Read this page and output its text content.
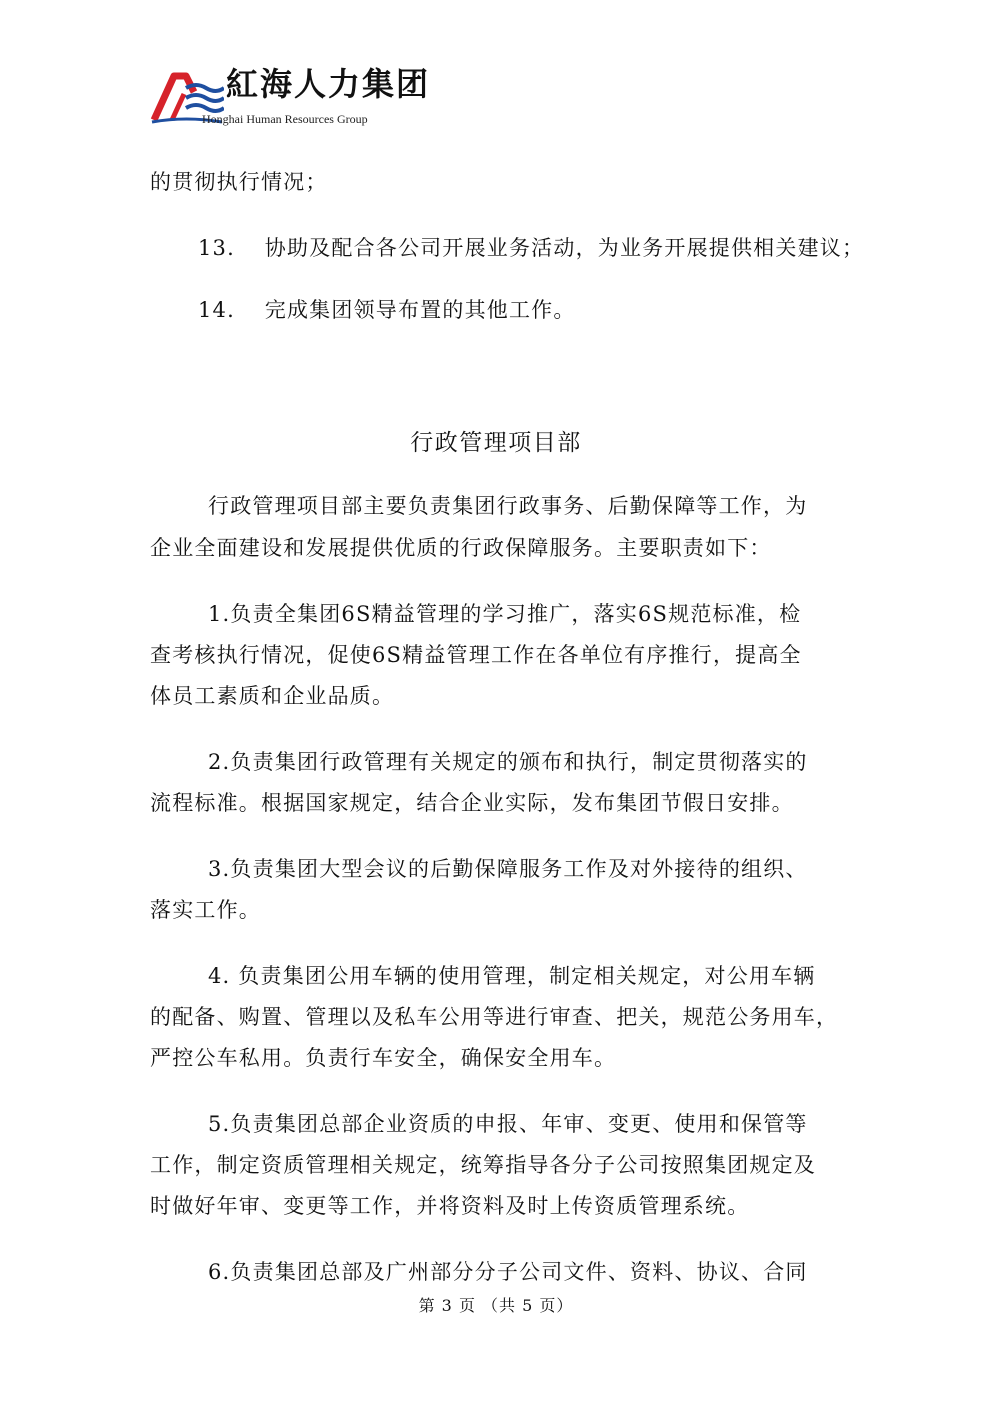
紅海人力集团
Honghai Human Resources Group
的贯彻执行情况；
13. 协助及配合各公司开展业务活动，为业务开展提供相关建议；
14. 完成集团领导布置的其他工作。
行政管理项目部
行政管理项目部主要负责集团行政事务、后勤保障等工作，为
企业全面建设和发展提供优质的行政保障服务。主要职责如下：
1.负责全集团6S精益管理的学习推广，落实6S规范标准，检
查考核执行情况，促使6S精益管理工作在各单位有序推行，提高全
体员工素质和企业品质。
2.负责集团行政管理有关规定的颁布和执行，制定贯彻落实的
流程标准。根据国家规定，结合企业实际，发布集团节假日安排。
3.负责集团大型会议的后勤保障服务工作及对外接待的组织、
落实工作。
4. 负责集团公用车辆的使用管理，制定相关规定，对公用车辆
的配备、购置、管理以及私车公用等进行审查、把关，规范公务用车，
严控公车私用。负责行车安全，确保安全用车。
5.负责集团总部企业资质的申报、年审、变更、使用和保管等
工作，制定资质管理相关规定，统筹指导各分子公司按照集团规定及
时做好年审、变更等工作，并将资料及时上传资质管理系统。
6.负责集团总部及广州部分分子公司文件、资料、协议、合同
第 3 页 （共 5 页）
